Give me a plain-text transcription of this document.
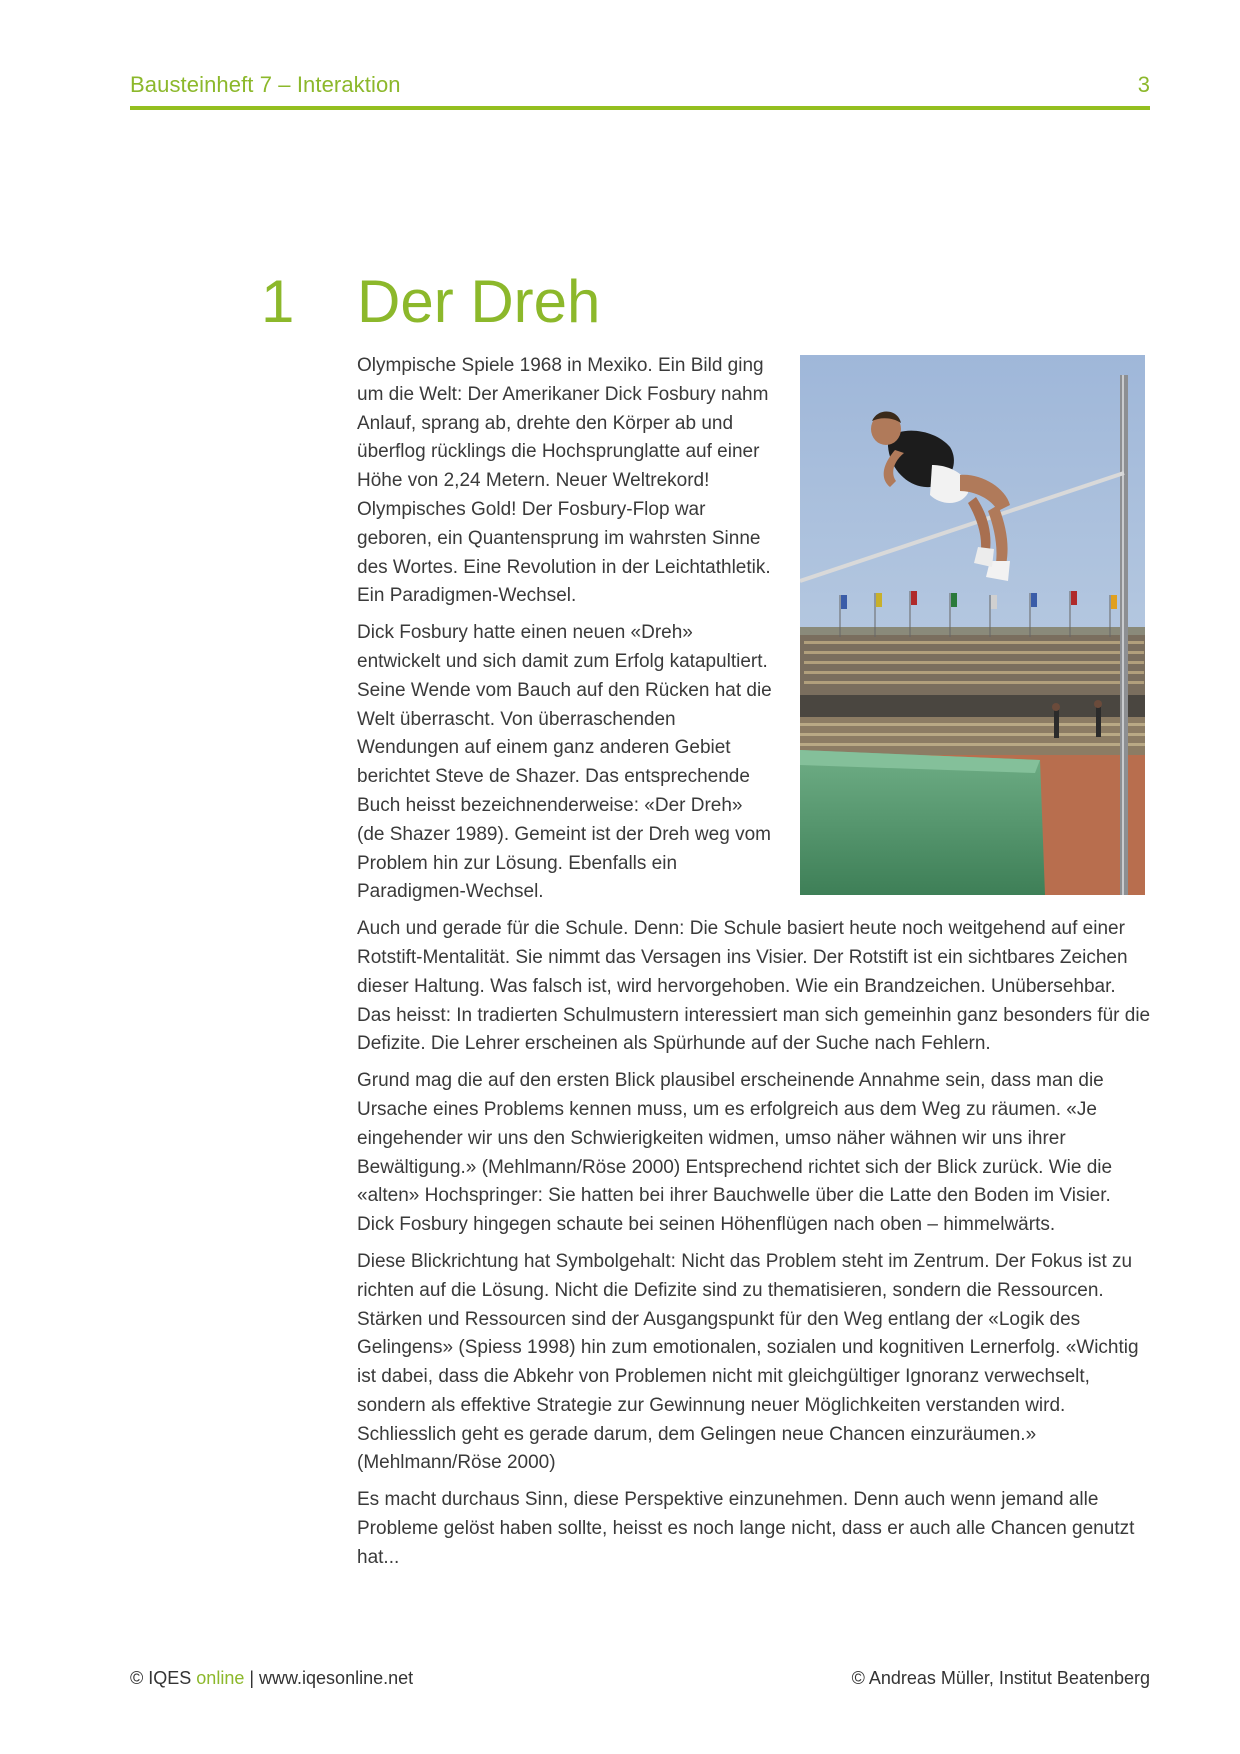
Bausteinheft 7 – Interaktion	3
1 Der Dreh

Olympische Spiele 1968 in Mexiko. Ein Bild ging um die Welt: Der Amerikaner Dick Fosbury nahm Anlauf, sprang ab, drehte den Körper ab und überflog rücklings die Hochsprunglatte auf einer Höhe von 2,24 Metern. Neuer Weltrekord! Olympisches Gold! Der Fosbury-Flop war geboren, ein Quantensprung im wahrsten Sinne des Wortes. Eine Revolution in der Leichtathletik. Ein Paradigmen-Wechsel.

Dick Fosbury hatte einen neuen «Dreh» entwickelt und sich damit zum Erfolg katapultiert. Seine Wende vom Bauch auf den Rücken hat die Welt überrascht. Von überraschenden Wendungen auf einem ganz anderen Gebiet berichtet Steve de Shazer. Das entsprechende Buch heisst bezeichnenderweise: «Der Dreh» (de Shazer 1989). Gemeint ist der Dreh weg vom Problem hin zur Lösung. Ebenfalls ein Paradigmen-Wechsel.

Auch und gerade für die Schule. Denn: Die Schule basiert heute noch weitgehend auf einer Rotstift-Mentalität. Sie nimmt das Versagen ins Visier. Der Rotstift ist ein sichtbares Zeichen dieser Haltung. Was falsch ist, wird hervorgehoben. Wie ein Brandzeichen. Unübersehbar. Das heisst: In tradierten Schulmustern interessiert man sich gemeinhin ganz besonders für die Defizite. Die Lehrer erscheinen als Spürhunde auf der Suche nach Fehlern.

Grund mag die auf den ersten Blick plausibel erscheinende Annahme sein, dass man die Ursache eines Problems kennen muss, um es erfolgreich aus dem Weg zu räumen. «Je eingehender wir uns den Schwierigkeiten widmen, umso näher wähnen wir uns ihrer Bewältigung.» (Mehlmann/Röse 2000) Entsprechend richtet sich der Blick zurück. Wie die «alten» Hochspringer: Sie hatten bei ihrer Bauchwelle über die Latte den Boden im Visier. Dick Fosbury hingegen schaute bei seinen Höhenflügen nach oben – himmelwärts.

Diese Blickrichtung hat Symbolgehalt: Nicht das Problem steht im Zentrum. Der Fokus ist zu richten auf die Lösung. Nicht die Defizite sind zu thematisieren, sondern die Ressourcen. Stärken und Ressourcen sind der Ausgangspunkt für den Weg entlang der «Logik des Gelingens» (Spiess 1998) hin zum emotionalen, sozialen und kognitiven Lernerfolg. «Wichtig ist dabei, dass die Abkehr von Problemen nicht mit gleichgültiger Ignoranz verwechselt, sondern als effektive Strategie zur Gewinnung neuer Möglichkeiten verstanden wird. Schliesslich geht es gerade darum, dem Gelingen neue Chancen einzuräumen.» (Mehlmann/Röse 2000)

Es macht durchaus Sinn, diese Perspektive einzunehmen. Denn auch wenn jemand alle Probleme gelöst haben sollte, heisst es noch lange nicht, dass er auch alle Chancen genutzt hat...

© IQES online | www.iqesonline.net	© Andreas Müller, Institut Beatenberg
